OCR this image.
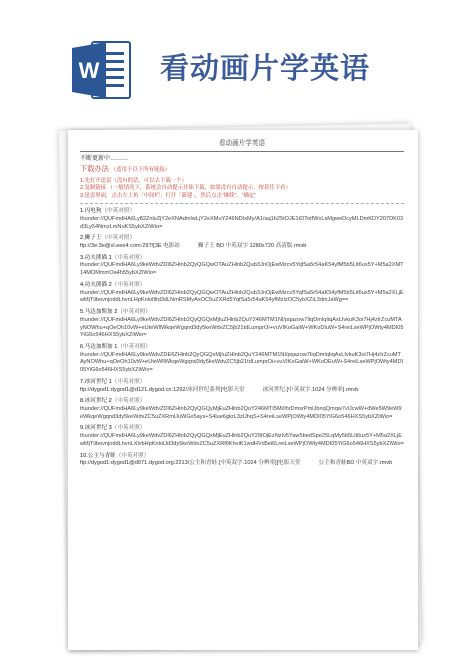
W 看动画片学英语
看动画片学英语
不断更新中………
下载办法 （适用于以下所有链接）
1.先打开迅雷（没有的话，可以去下载一个）
2.复制链接 （一般情况下，系统会自动提示开始下载，如果没有自动提示，按着往下看）
3.迅雷界面，点击左上角「中间栏」打开「新建」，然后点击“继续”、“确定”
1.闪电狗（中英对照）
thunder://QUFmdHA6Ly82ZnlsZjY2eXNAdmlwLjY2eXMuY246NDIxMy/A1/aq1b25tOJE1tDTotfWxLsMgweDcyMLDmKDY207DK03d3Ly54NmzLmNuKS5ybXZiWio=
2.狮子王（中英对照）
ftp://3e:3e@xl.eee4.com:29?/[3E 电影站	狮子王 BD 中英双字 1280x720 高清版.rmvb
3.功夫熊猫 1（中英对照）
thunder://QUFmdHA6Ly9keWdvZDl6ZHlnb2QyQGQwOTAuZHlnb2Qub3JnOjEwMzcv5YqfSa5r54aK54yfM5b5Lit6ux5Y+M5a2XMT14MOMmmOa4h55ybXZiWio=
4.功夫熊猫 2（中英对照）
thunder://QUFmdHA6Ly9keWdvZDl6ZHlnb2QyQGQwOTAuZHlnb2Qub3JnOjEwMzcv5YqfSa5r54aK54yfM5b5Lit6ux5Y+M5a2XLjEwMjTlibovnjoddLhvnLHpKnlolIltd3dLNmRSMyAxOC5uZXRd5YqfSa5r54aK54yfMzIzOC5ybXZiL3dmJaWg==
5.马达加斯加 2（中英对照）
thunder://QUFmdHA6Ly9keWdvZDl6ZHlnb2QyQGQxMjIuZHlnb2QuY246MTM1NI/pqazow7IiqDmlqIiqAxLIvkuK3oi7Hj4zIrZcuMTAyNOWhu+qOeOh10vW+eUteWllWkqeWgqnd3dy5keWdvZC5jb21tdLumprOi+vuVIKoGaiW+WKoDIuW+S4reiLseWPjOWty4MDI05YiG6o546HXS5ybXZiWio=
6.马达加斯加 1（中英对照）
thunder://QUFmdHA6Ly9keWdvZDE6ZHlnb2QyQGQxMjIuZHlnb2QuY246MTM1NI/pqazow7IiqDmlqIiqAxLIvkuK3oi7Hj4zIrZcuMTAyNOWhu+qOeOh10vW+eUteWllWkqeWgqnd3dy5keWdvZC5jb21tdLumprOi+vuVIKoGaiW+WKoDEuW+S4reiLseWPjOWty4MDI05YiG6o546HXS5ybXZiWio=
7.冰河世纪 1（中英对照）
ftp://dygod1:dygod1@d121.dygod.cn:1292/冰河世纪系列[电影天堂	冰河世纪.[中英双字.1024 分辨率].rmvb
8.冰河世纪 2（中英对照）
thunder://QUFmdHA6Ly9keWdvZDl6ZHlnb2QyQGQyMjEuZHlnb2QuY246MTI5Mi/lhrDmsrPmlJbnqQmqw7vlJcwW+dWe5W9eW9eWkqeWgqnd3dy5keWdvZC5uZXRmlJuWGx5ays+S4lue6gkrL3zUhqS+S4reiLseWPjOWty4MDI05YiG6o546HXS5ybXZiWio=
9.冰河世纪 3（中英对照）
thunder://QUFmdHA6Ly9keWdvZDl6ZHlnb2QyQGQxMjEuZHlnb2QuY29tOjEzNzIv5Yaw5bedSpe25LqMy5b5Lit6ux5Y+M5a2XLjEwMjTlibovnjoddLhvnLXlvbHpKnlolJd3dy5keWdvZC5uZXRf6KhviK1wdHVd5ei6LreiLseWPjOWty4MDI05YiG6o546HXS5ybXZiWio=
10.公主与青蛙（中英对照）
ftp://dygod1:dygod1@d071.dygod.org:2213/公主和青蛙.[中英双字.1024 分辨率][电影天堂	公主和青蛙BD 中英双字.rmvb
